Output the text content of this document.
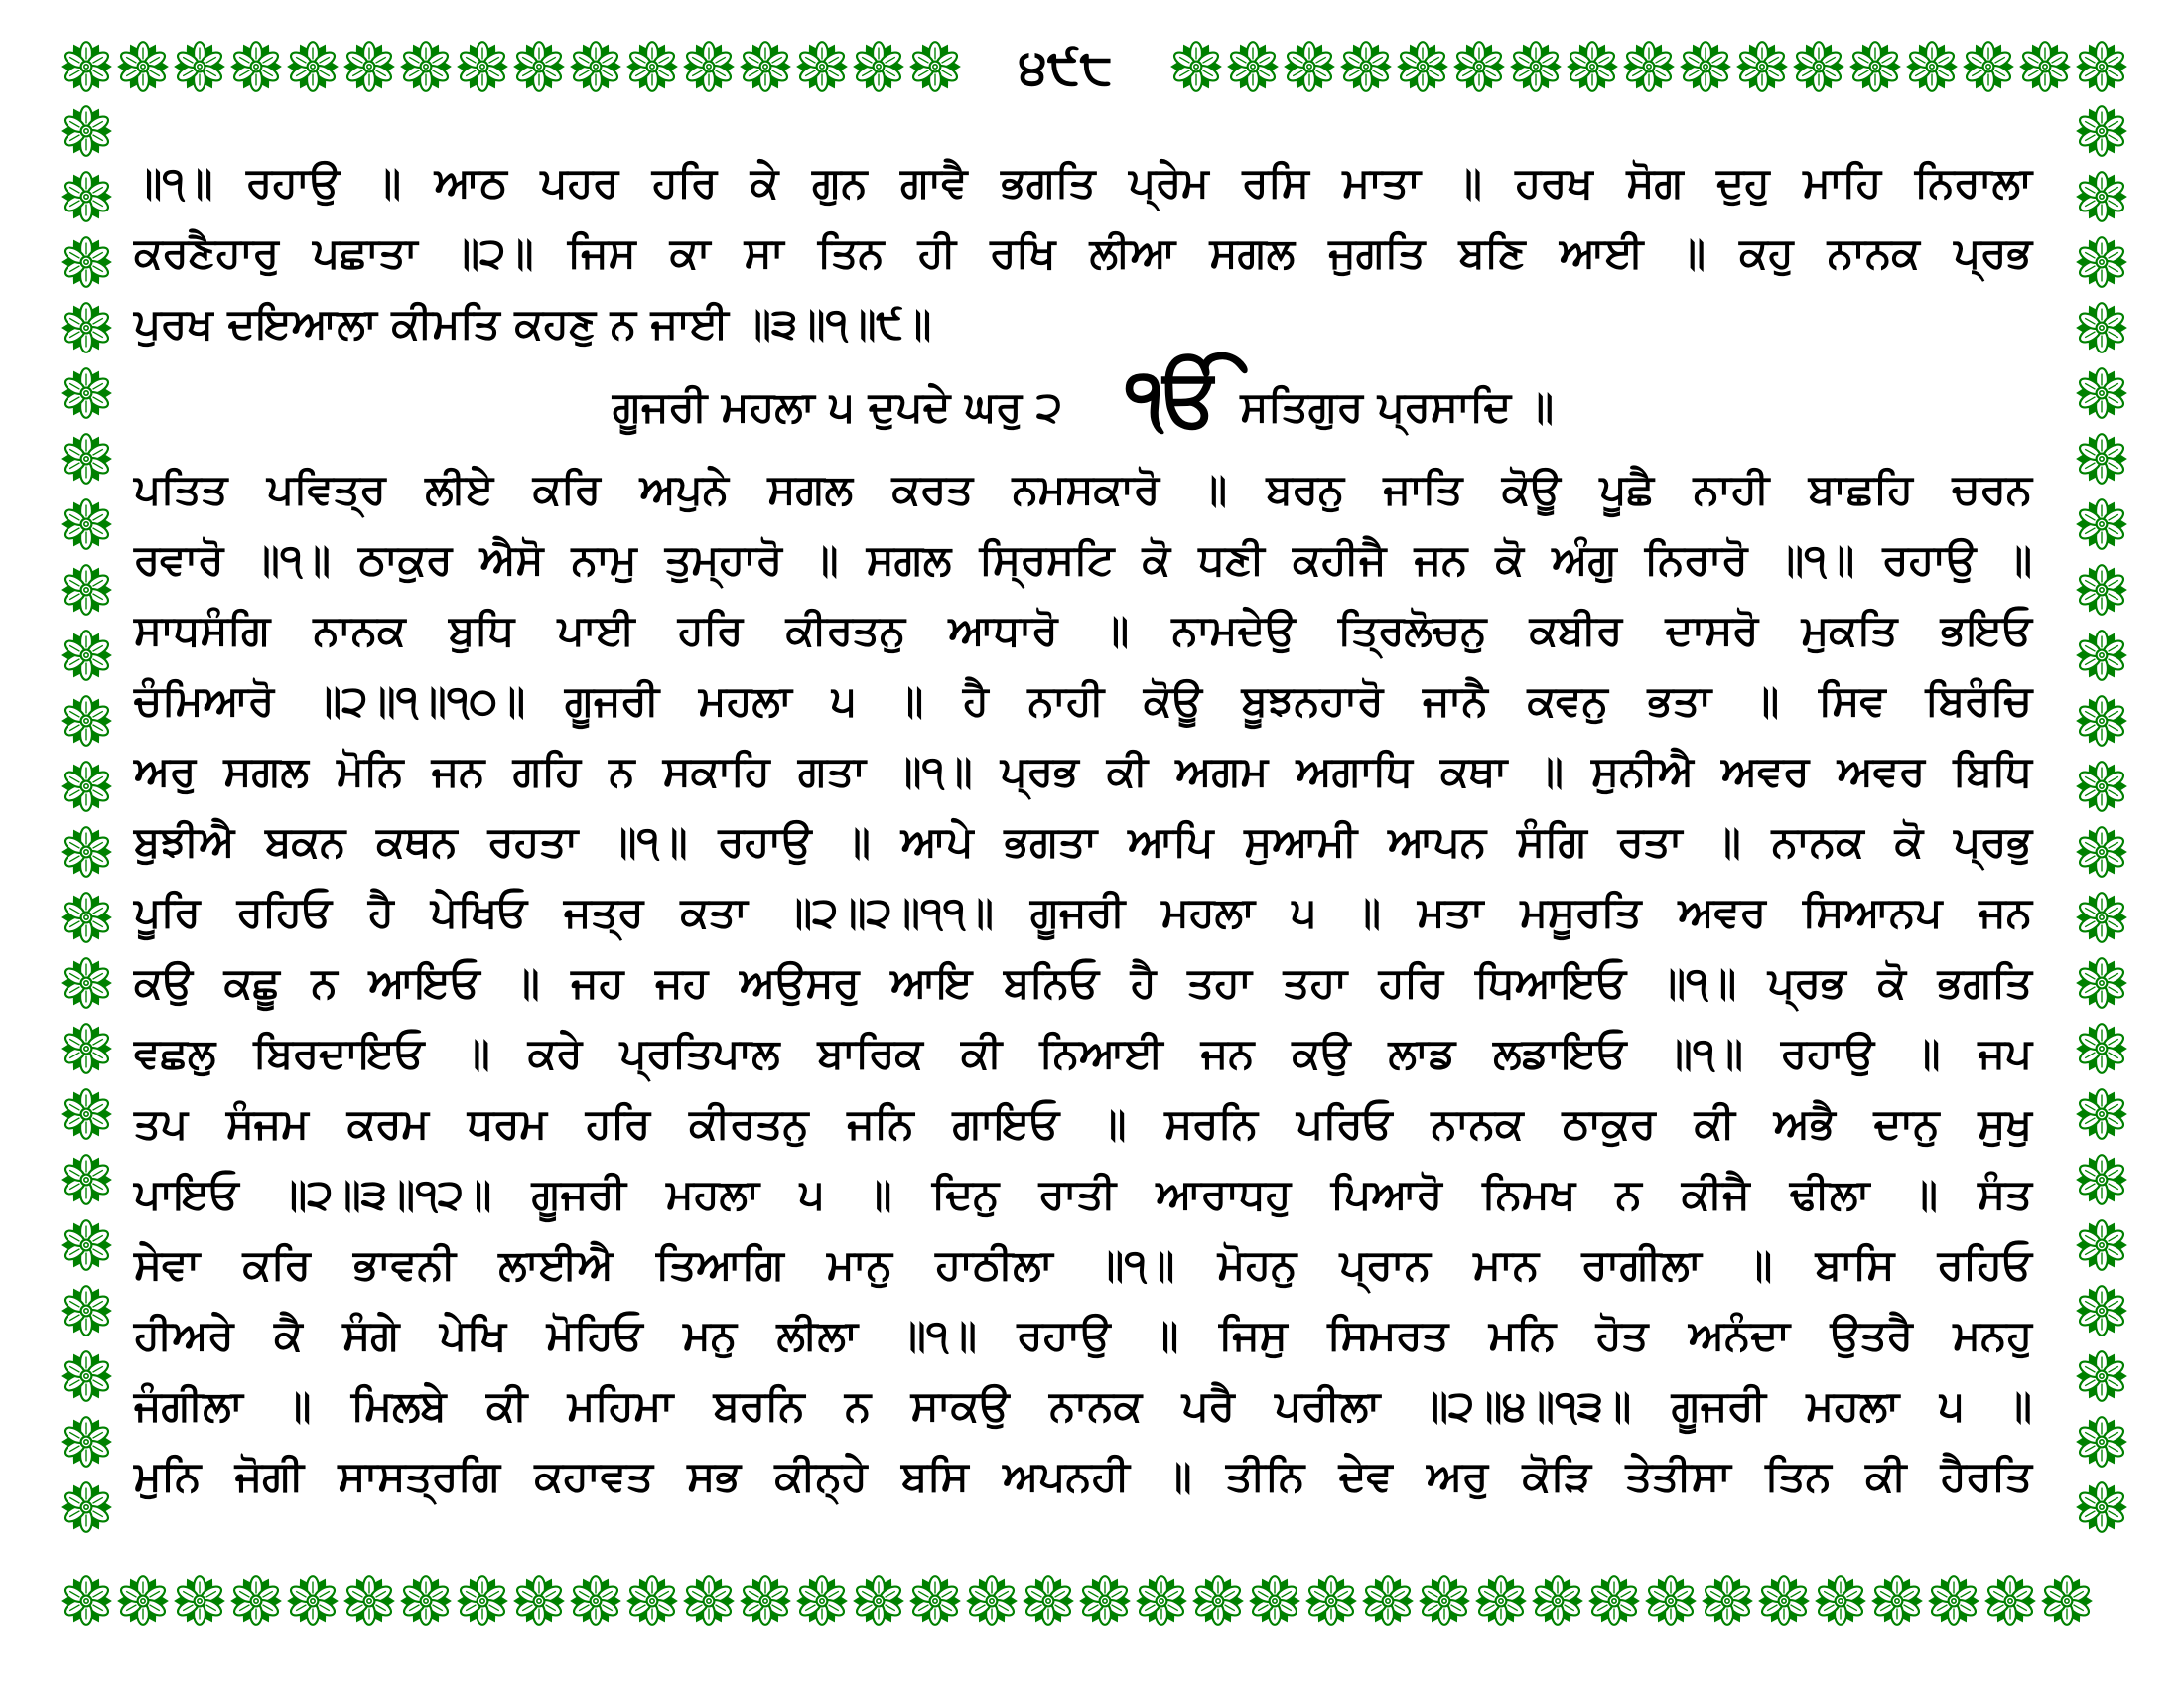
੪੯੮
॥੧॥ ਰਹਾਉ ॥ ਆਠ ਪਹਰ ਹਰਿ ਕੇ ਗੁਨ ਗਾਵੈ ਭਗਤਿ ਪ੍ਰੇਮ ਰਸਿ ਮਾਤਾ ॥ ਹਰਖ ਸੋਗ ਦੁਹੁ ਮਾਹਿ ਨਿਰਾਲਾ
ਕਰਣੈਹਾਰੁ ਪਛਾਤਾ ॥੨॥ ਜਿਸ ਕਾ ਸਾ ਤਿਨ ਹੀ ਰਖਿ ਲੀਆ ਸਗਲ ਜੁਗਤਿ ਬਣਿ ਆਈ ॥ ਕਹੁ ਨਾਨਕ ਪ੍ਰਭ
ਪੁਰਖ ਦਇਆਲਾ ਕੀਮਤਿ ਕਹਣੁ ਨ ਜਾਈ ॥੩॥੧॥੯॥
ਗੂਜਰੀ ਮਹਲਾ ੫ ਦੁਪਦੇ ਘਰੁ ੨ ੴ ਸਤਿਗੁਰ ਪ੍ਰਸਾਦਿ ॥
ਪਤਿਤ ਪਵਿਤ੍ਰ ਲੀਏ ਕਰਿ ਅਪੁਨੇ ਸਗਲ ਕਰਤ ਨਮਸਕਾਰੋ ॥ ਬਰਨੁ ਜਾਤਿ ਕੋਊ ਪੂਛੈ ਨਾਹੀ ਬਾਛਹਿ ਚਰਨ
ਰਵਾਰੋ ॥੧॥ ਠਾਕੁਰ ਐਸੋ ਨਾਮੁ ਤੁਮ੍ਹਾਰੋ ॥ ਸਗਲ ਸ੍ਰਿਸਟਿ ਕੋ ਧਣੀ ਕਹੀਜੈ ਜਨ ਕੋ ਅੰਗੁ ਨਿਰਾਰੋ ॥੧॥ ਰਹਾਉ ॥
ਸਾਧਸੰਗਿ ਨਾਨਕ ਬੁਧਿ ਪਾਈ ਹਰਿ ਕੀਰਤਨੁ ਆਧਾਰੋ ॥ ਨਾਮਦੇਉ ਤ੍ਰਿਲੋਚਨੁ ਕਬੀਰ ਦਾਸਰੋ ਮੁਕਤਿ ਭਇਓ
ਚੰਮਿਆਰੋ ॥੨॥੧॥੧੦॥ ਗੂਜਰੀ ਮਹਲਾ ੫ ॥ ਹੈ ਨਾਹੀ ਕੋਊ ਬੂਝਨਹਾਰੋ ਜਾਨੈ ਕਵਨੁ ਭਤਾ ॥ ਸਿਵ ਬਿਰੰਚਿ
ਅਰੁ ਸਗਲ ਮੋਨਿ ਜਨ ਗਹਿ ਨ ਸਕਾਹਿ ਗਤਾ ॥੧॥ ਪ੍ਰਭ ਕੀ ਅਗਮ ਅਗਾਧਿ ਕਥਾ ॥ ਸੁਨੀਐ ਅਵਰ ਅਵਰ ਬਿਧਿ
ਬੁਝੀਐ ਬਕਨ ਕਥਨ ਰਹਤਾ ॥੧॥ ਰਹਾਉ ॥ ਆਪੇ ਭਗਤਾ ਆਪਿ ਸੁਆਮੀ ਆਪਨ ਸੰਗਿ ਰਤਾ ॥ ਨਾਨਕ ਕੋ ਪ੍ਰਭੁ
ਪੂਰਿ ਰਹਿਓ ਹੈ ਪੇਖਿਓ ਜਤ੍ਰ ਕਤਾ ॥੨॥੨॥੧੧॥ ਗੂਜਰੀ ਮਹਲਾ ੫ ॥ ਮਤਾ ਮਸੂਰਤਿ ਅਵਰ ਸਿਆਨਪ ਜਨ
ਕਉ ਕਛੂ ਨ ਆਇਓ ॥ ਜਹ ਜਹ ਅਉਸਰੁ ਆਇ ਬਨਿਓ ਹੈ ਤਹਾ ਤਹਾ ਹਰਿ ਧਿਆਇਓ ॥੧॥ ਪ੍ਰਭ ਕੋ ਭਗਤਿ
ਵਛਲੁ ਬਿਰਦਾਇਓ ॥ ਕਰੇ ਪ੍ਰਤਿਪਾਲ ਬਾਰਿਕ ਕੀ ਨਿਆਈ ਜਨ ਕਉ ਲਾਡ ਲਡਾਇਓ ॥੧॥ ਰਹਾਉ ॥ ਜਪ
ਤਪ ਸੰਜਮ ਕਰਮ ਧਰਮ ਹਰਿ ਕੀਰਤਨੁ ਜਨਿ ਗਾਇਓ ॥ ਸਰਨਿ ਪਰਿਓ ਨਾਨਕ ਠਾਕੁਰ ਕੀ ਅਭੈ ਦਾਨੁ ਸੁਖੁ
ਪਾਇਓ ॥੨॥੩॥੧੨॥ ਗੂਜਰੀ ਮਹਲਾ ੫ ॥ ਦਿਨੁ ਰਾਤੀ ਆਰਾਧਹੁ ਪਿਆਰੋ ਨਿਮਖ ਨ ਕੀਜੈ ਢੀਲਾ ॥ ਸੰਤ
ਸੇਵਾ ਕਰਿ ਭਾਵਨੀ ਲਾਈਐ ਤਿਆਗਿ ਮਾਨੁ ਹਾਠੀਲਾ ॥੧॥ ਮੋਹਨੁ ਪ੍ਰਾਨ ਮਾਨ ਰਾਗੀਲਾ ॥ ਬਾਸਿ ਰਹਿਓ
ਹੀਅਰੇ ਕੈ ਸੰਗੇ ਪੇਖਿ ਮੋਹਿਓ ਮਨੁ ਲੀਲਾ ॥੧॥ ਰਹਾਉ ॥ ਜਿਸੁ ਸਿਮਰਤ ਮਨਿ ਹੋਤ ਅਨੰਦਾ ਉਤਰੈ ਮਨਹੁ
ਜੰਗੀਲਾ ॥ ਮਿਲਬੇ ਕੀ ਮਹਿਮਾ ਬਰਨਿ ਨ ਸਾਕਉ ਨਾਨਕ ਪਰੈ ਪਰੀਲਾ ॥੨॥੪॥੧੩॥ ਗੂਜਰੀ ਮਹਲਾ ੫ ॥
ਮੁਨਿ ਜੋਗੀ ਸਾਸਤ੍ਰਗਿ ਕਹਾਵਤ ਸਭ ਕੀਨ੍ਹੇ ਬਸਿ ਅਪਨਹੀ ॥ ਤੀਨਿ ਦੇਵ ਅਰੁ ਕੋੜਿ ਤੇਤੀਸਾ ਤਿਨ ਕੀ ਹੈਰਤਿ
